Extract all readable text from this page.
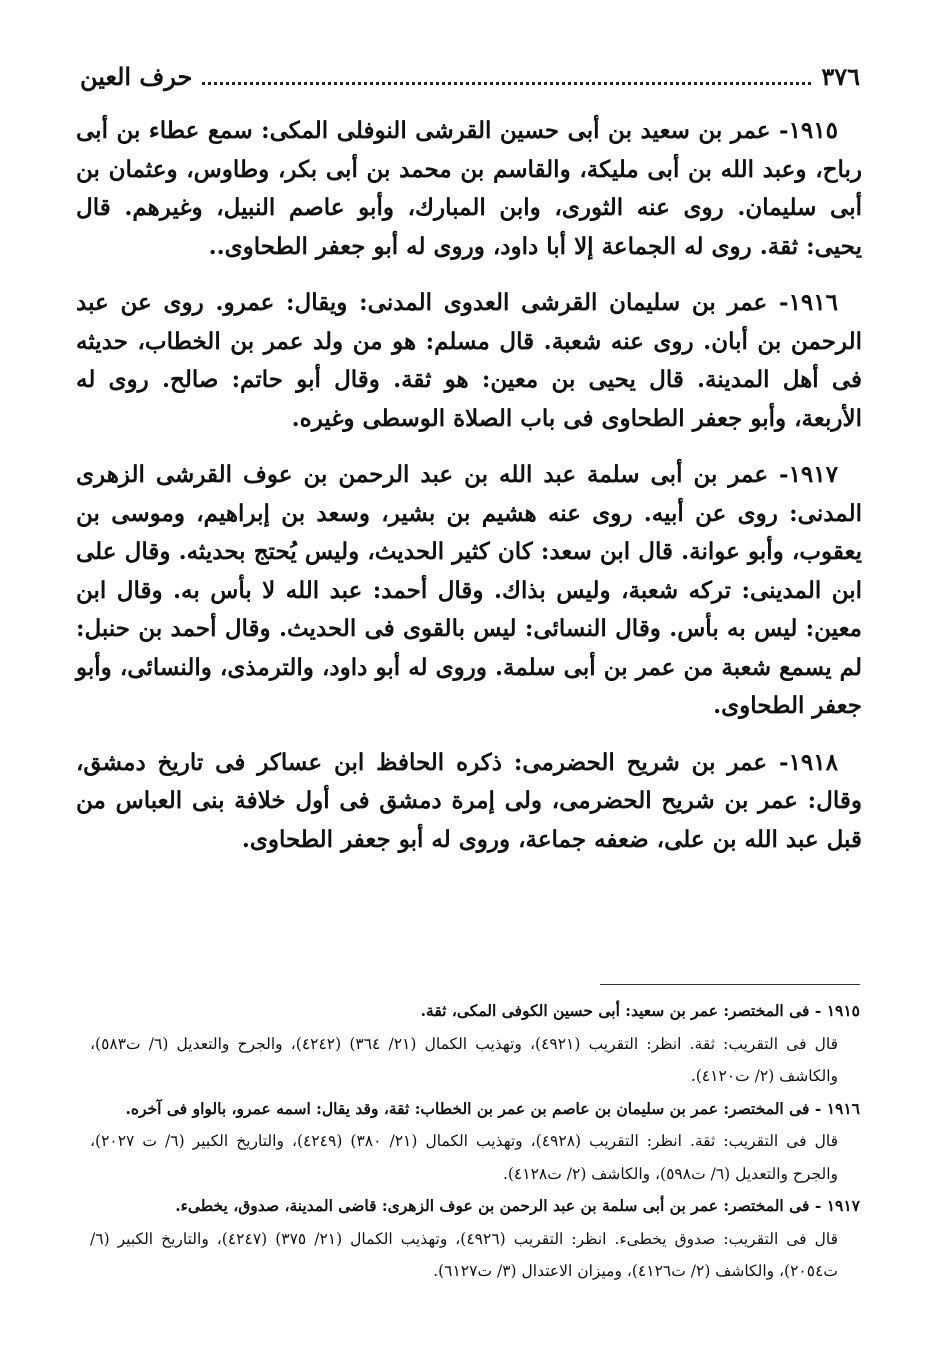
٣٧٦
حرف العين

١٩١٥- عمر بن سعيد بن أبى حسين القرشى النوفلى المكى: سمع عطاء بن أبى رباح، وعبد الله بن أبى مليكة، والقاسم بن محمد بن أبى بكر، وطاوس، وعثمان بن أبى سليمان. روى عنه الثورى، وابن المبارك، وأبو عاصم النبيل، وغيرهم. قال يحيى: ثقة. روى له الجماعة إلا أبا داود، وروى له أبو جعفر الطحاوى..

١٩١٦- عمر بن سليمان القرشى العدوى المدنى: ويقال: عمرو. روى عن عبد الرحمن بن أبان. روى عنه شعبة. قال مسلم: هو من ولد عمر بن الخطاب، حديثه فى أهل المدينة. قال يحيى بن معين: هو ثقة. وقال أبو حاتم: صالح. روى له الأربعة، وأبو جعفر الطحاوى فى باب الصلاة الوسطى وغيره.

١٩١٧- عمر بن أبى سلمة عبد الله بن عبد الرحمن بن عوف القرشى الزهرى المدنى: روى عن أبيه. روى عنه هشيم بن بشير، وسعد بن إبراهيم، وموسى بن يعقوب، وأبو عوانة. قال ابن سعد: كان كثير الحديث، وليس يُحتج بحديثه. وقال على ابن المدينى: تركه شعبة، وليس بذاك. وقال أحمد: عبد الله لا بأس به. وقال ابن معين: ليس به بأس. وقال النسائى: ليس بالقوى فى الحديث. وقال أحمد بن حنبل: لم يسمع شعبة من عمر بن أبى سلمة. وروى له أبو داود، والترمذى، والنسائى، وأبو جعفر الطحاوى.

١٩١٨- عمر بن شريح الحضرمى: ذكره الحافظ ابن عساكر فى تاريخ دمشق، وقال: عمر بن شريح الحضرمى، ولى إمرة دمشق فى أول خلافة بنى العباس من قبل عبد الله بن على، ضعفه جماعة، وروى له أبو جعفر الطحاوى.

١٩١٥ - فى المختصر: عمر بن سعيد: أبى حسين الكوفى المكى، ثقة.

قال فى التقريب: ثقة. انظر: التقريب (٤٩٢١)، وتهذيب الكمال (٢١/ ٣٦٤) (٤٢٤٢)، والجرح والتعديل (٦/ ت٥٨٣)، والكاشف (٢/ ت٤١٢٠).

١٩١٦ - فى المختصر: عمر بن سليمان بن عاصم بن عمر بن الخطاب: ثقة، وقد يقال: اسمه عمرو، بالواو فى آخره.

قال فى التقريب: ثقة. انظر: التقريب (٤٩٢٨)، وتهذيب الكمال (٢١/ ٣٨٠) (٤٢٤٩)، والتاريخ الكبير (٦/ ت ٢٠٢٧)، والجرح والتعديل (٦/ ت٥٩٨)، والكاشف (٢/ ت٤١٢٨).

١٩١٧ - فى المختصر: عمر بن أبى سلمة بن عبد الرحمن بن عوف الزهرى: قاضى المدينة، صدوق، يخطىء.

قال فى التقريب: صدوق يخطىء. انظر: التقريب (٤٩٢٦)، وتهذيب الكمال (٢١/ ٣٧٥) (٤٢٤٧)، والتاريخ الكبير (٦/ ت٢٠٥٤)، والكاشف (٢/ ت٤١٢٦)، وميزان الاعتدال (٣/ ت٦١٢٧).
